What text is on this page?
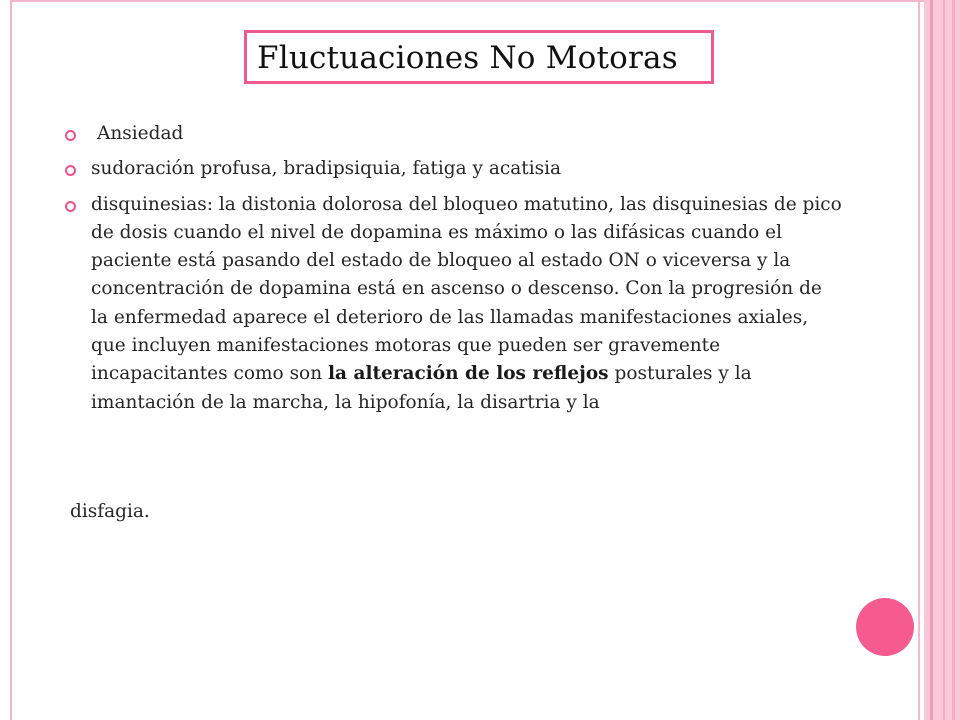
Fluctuaciones No Motoras
Ansiedad
sudoración profusa, bradipsiquia, fatiga y acatisia
disquinesias: la distonia dolorosa del bloqueo matutino, las disquinesias de pico de dosis cuando el nivel de dopamina es máximo o las difásicas cuando el paciente está pasando del estado de bloqueo al estado ON o viceversa y la concentración de dopamina está en ascenso o descenso. Con la progresión de la enfermedad aparece el deterioro de las llamadas manifestaciones axiales, que incluyen manifestaciones motoras que pueden ser gravemente incapacitantes como son la alteración de los reflejos posturales y la imantación de la marcha, la hipofonía, la disartria y la

disfagia.
